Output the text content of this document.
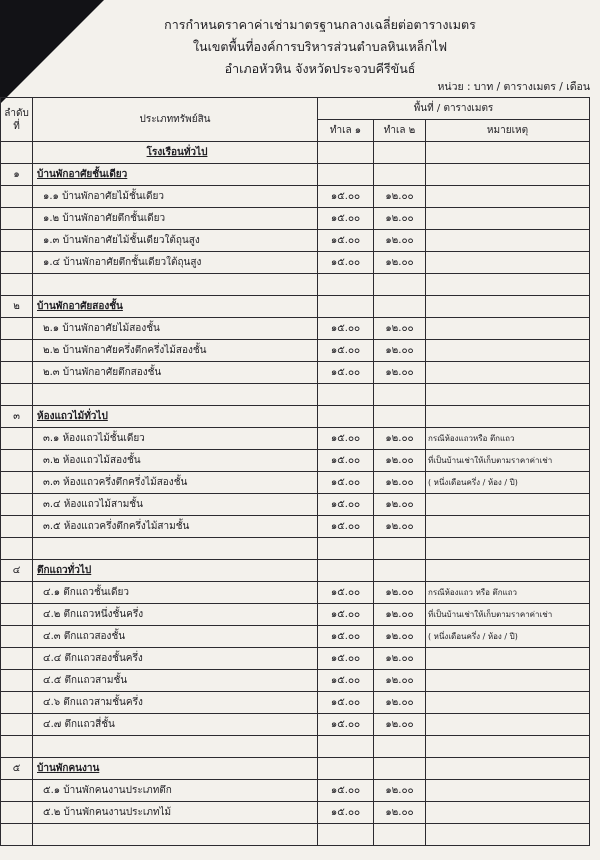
การกำหนดราคาค่าเช่ามาตรฐานกลางเฉลี่ยต่อตารางเมตร
ในเขตพื้นที่องค์การบริหารส่วนตำบลหินเหล็กไฟ
อำเภอหัวหิน จังหวัดประจวบคีรีขันธ์
หน่วย : บาท / ตารางเมตร / เดือน
ลำดับ ที่	ประเภททรัพย์สิน	พื้นที่ / ตารางเมตร		
		ทำเล ๑	ทำเล ๒	หมายเหตุ
	โรงเรือนทั่วไป			
๑	บ้านพักอาศัยชั้นเดียว			
	๑.๑ บ้านพักอาศัยไม้ชั้นเดียว	๑๕.๐๐	๑๒.๐๐	
	๑.๒ บ้านพักอาศัยตึกชั้นเดียว	๑๕.๐๐	๑๒.๐๐	
	๑.๓ บ้านพักอาศัยไม้ชั้นเดียวใต้ถุนสูง	๑๕.๐๐	๑๒.๐๐	
	๑.๔ บ้านพักอาศัยตึกชั้นเดียวใต้ถุนสูง	๑๕.๐๐	๑๒.๐๐	

๒	บ้านพักอาศัยสองชั้น			
	๒.๑ บ้านพักอาศัยไม้สองชั้น	๑๕.๐๐	๑๒.๐๐	
	๒.๒ บ้านพักอาศัยครึ่งตึกครึ่งไม้สองชั้น	๑๕.๐๐	๑๒.๐๐	
	๒.๓ บ้านพักอาศัยตึกสองชั้น	๑๕.๐๐	๑๒.๐๐	

๓	ห้องแถวไม้ทั่วไป			
	๓.๑ ห้องแถวไม้ชั้นเดียว	๑๕.๐๐	๑๒.๐๐	กรณีห้องแถวหรือ ตึกแถว
	๓.๒ ห้องแถวไม้สองชั้น	๑๕.๐๐	๑๒.๐๐	ที่เป็นบ้านเช่าให้เก็บตามราคาค่าเช่า
	๓.๓ ห้องแถวครึ่งตึกครึ่งไม้สองชั้น	๑๕.๐๐	๑๒.๐๐	( หนึ่งเดือนครึ่ง / ห้อง / ปี)
	๓.๔ ห้องแถวไม้สามชั้น	๑๕.๐๐	๑๒.๐๐	
	๓.๕ ห้องแถวครึ่งตึกครึ่งไม้สามชั้น	๑๕.๐๐	๑๒.๐๐	

๔	ตึกแถวทั่วไป			
	๔.๑ ตึกแถวชั้นเดียว	๑๕.๐๐	๑๒.๐๐	กรณีห้องแถว หรือ ตึกแถว
	๔.๒ ตึกแถวหนึ่งชั้นครึ่ง	๑๕.๐๐	๑๒.๐๐	ที่เป็นบ้านเช่าให้เก็บตามราคาค่าเช่า
	๔.๓ ตึกแถวสองชั้น	๑๕.๐๐	๑๒.๐๐	( หนึ่งเดือนครึ่ง / ห้อง / ปี)
	๔.๔ ตึกแถวสองชั้นครึ่ง	๑๕.๐๐	๑๒.๐๐	
	๔.๕ ตึกแถวสามชั้น	๑๕.๐๐	๑๒.๐๐	
	๔.๖ ตึกแถวสามชั้นครึ่ง	๑๕.๐๐	๑๒.๐๐	
	๔.๗ ตึกแถวสี่ชั้น	๑๕.๐๐	๑๒.๐๐	

๕	บ้านพักคนงาน			
	๕.๑ บ้านพักคนงานประเภทตึก	๑๕.๐๐	๑๒.๐๐	
	๕.๒ บ้านพักคนงานประเภทไม้	๑๕.๐๐	๑๒.๐๐	
